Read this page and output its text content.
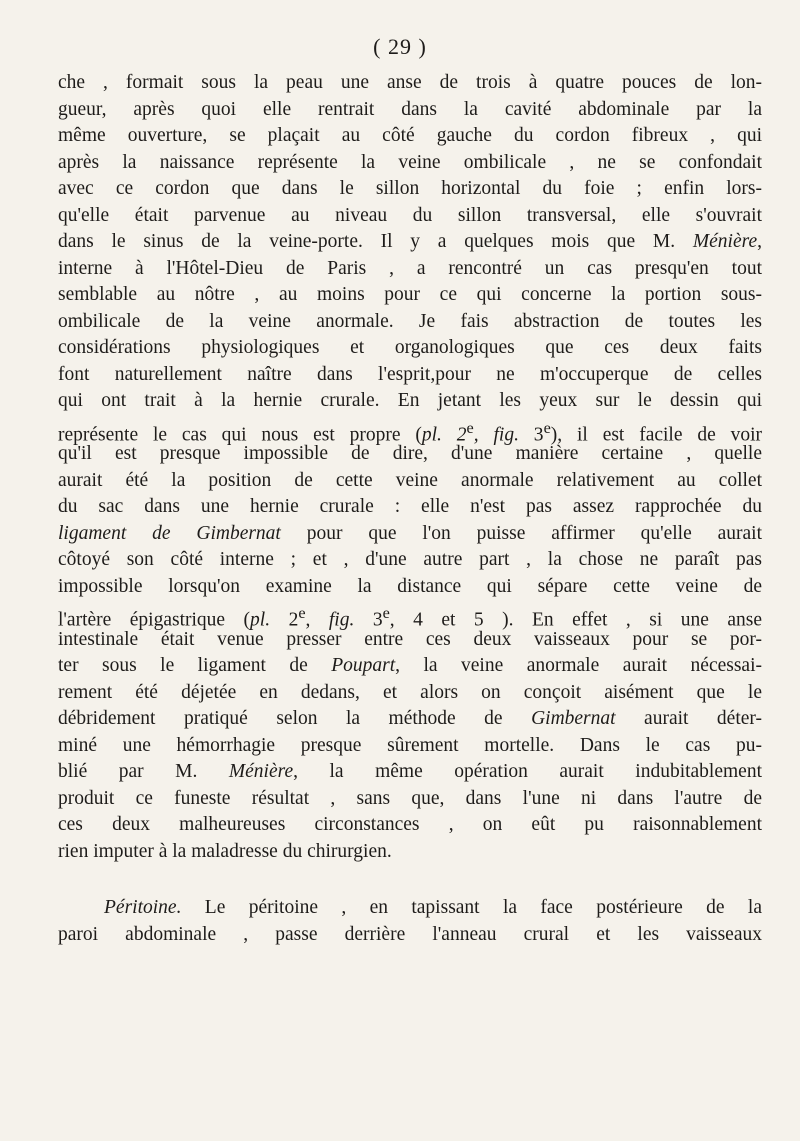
( 29 )
che , formait sous la peau une anse de trois à quatre pouces de lon-
gueur, après quoi elle rentrait dans la cavité abdominale par la
même ouverture, se plaçait au côté gauche du cordon fibreux , qui
après la naissance représente la veine ombilicale , ne se confondait
avec ce cordon que dans le sillon horizontal du foie ; enfin lors-
qu'elle était parvenue au niveau du sillon transversal, elle s'ouvrait
dans le sinus de la veine-porte. Il y a quelques mois que M. Ménière,
interne à l'Hôtel-Dieu de Paris , a rencontré un cas presqu'en tout
semblable au nôtre , au moins pour ce qui concerne la portion sous-
ombilicale de la veine anormale. Je fais abstraction de toutes les
considérations physiologiques et organologiques que ces deux faits
font naturellement naître dans l'esprit,pour ne m'occuperque de celles
qui ont trait à la hernie crurale. En jetant les yeux sur le dessin qui
représente le cas qui nous est propre (pl. 2e, fig. 3e), il est facile de voir
qu'il est presque impossible de dire, d'une manière certaine , quelle
aurait été la position de cette veine anormale relativement au collet
du sac dans une hernie crurale : elle n'est pas assez rapprochée du
ligament de Gimbernat pour que l'on puisse affirmer qu'elle aurait
côtoyé son côté interne ; et , d'une autre part , la chose ne paraît pas
impossible lorsqu'on examine la distance qui sépare cette veine de
l'artère épigastrique (pl. 2e, fig. 3e, 4 et 5 ). En effet , si une anse
intestinale était venue presser entre ces deux vaisseaux pour se por-
ter sous le ligament de Poupart, la veine anormale aurait nécessai-
rement été déjetée en dedans, et alors on conçoit aisément que le
débridement pratiqué selon la méthode de Gimbernat aurait déter-
miné une hémorrhagie presque sûrement mortelle. Dans le cas pu-
blié par M. Ménière, la même opération aurait indubitablement
produit ce funeste résultat , sans que, dans l'une ni dans l'autre de
ces deux malheureuses circonstances , on eût pu raisonnablement
rien imputer à la maladresse du chirurgien.
Péritoine. Le péritoine , en tapissant la face postérieure de la
paroi abdominale , passe derrière l'anneau crural et les vaisseaux
